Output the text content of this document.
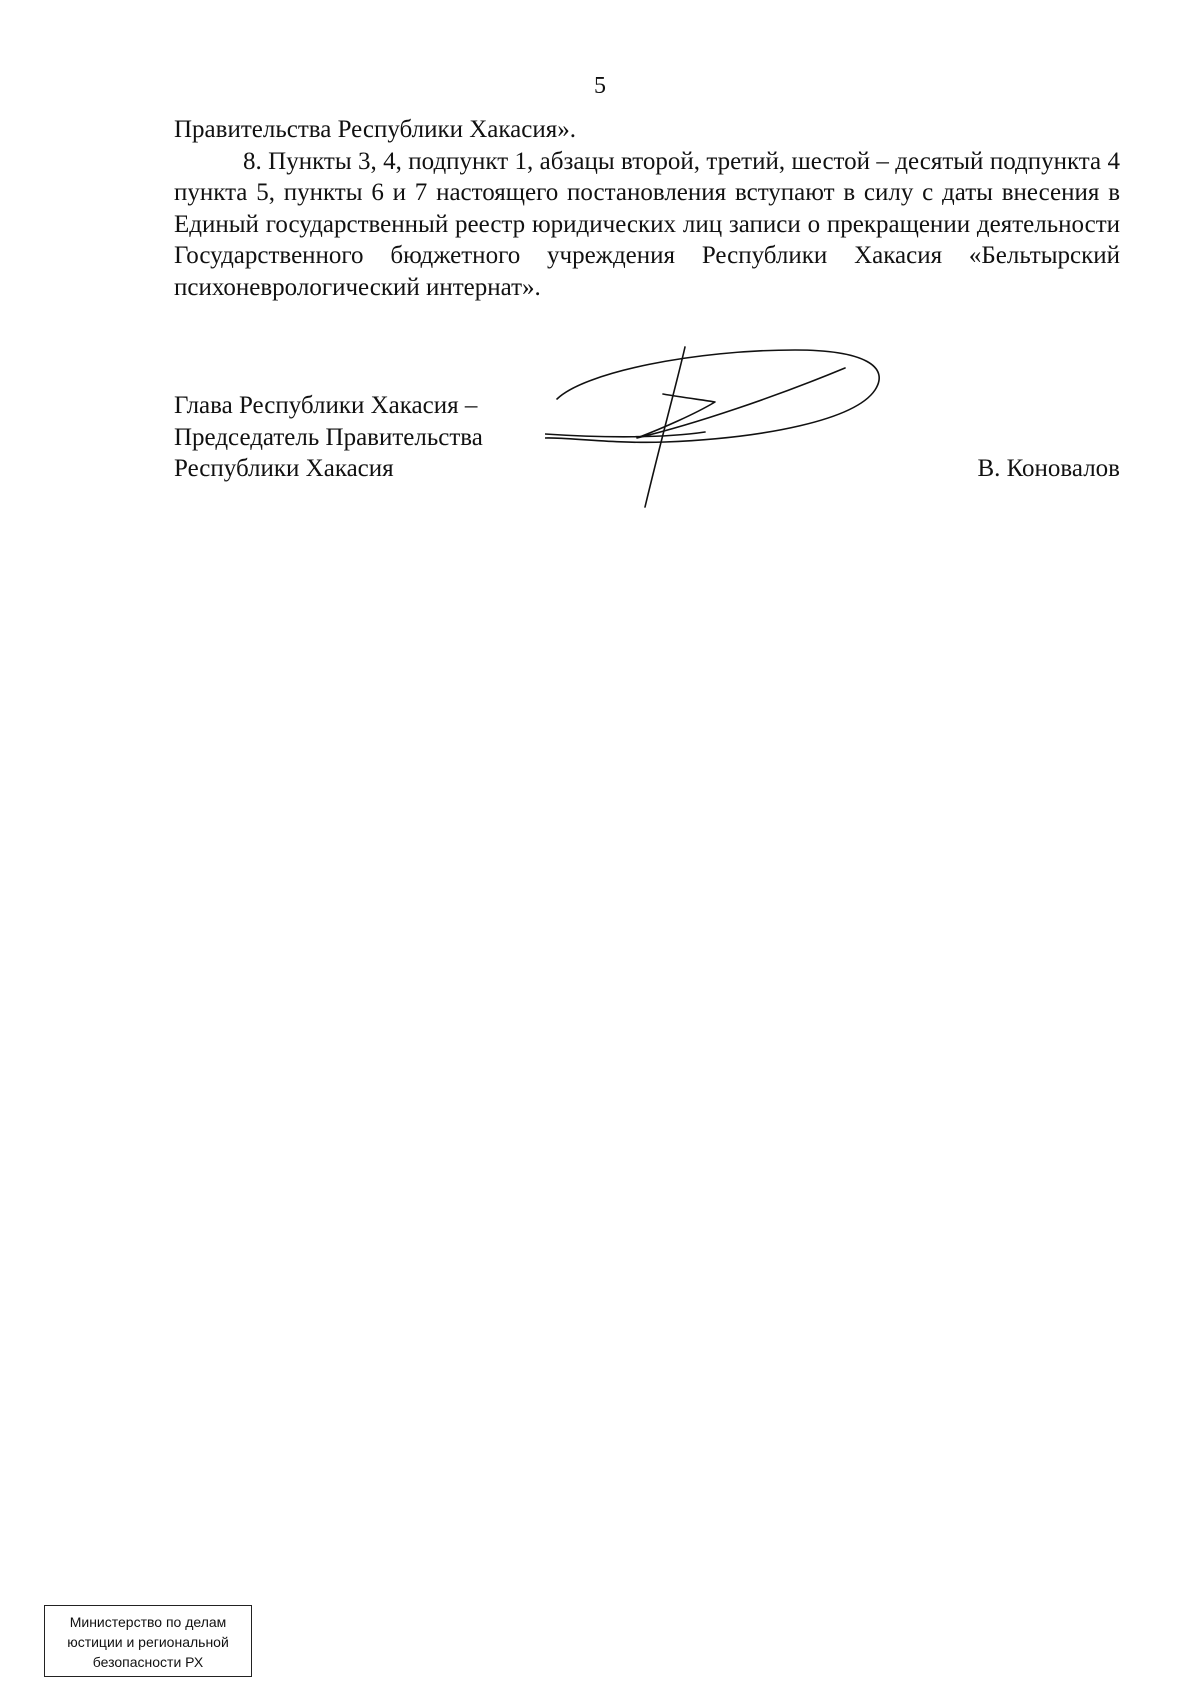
5

Правительства Республики Хакасия».

8. Пункты 3, 4, подпункт 1, абзацы второй, третий, шестой – десятый подпункта 4 пункта 5, пункты 6 и 7 настоящего постановления вступают в силу с даты внесения в Единый государственный реестр юридических лиц записи о прекращении деятельности Государственного бюджетного учреждения Республики Хакасия «Бельтырский психоневрологический интернат».

Глава Республики Хакасия –
Председатель Правительства
Республики Хакасия	В. Коновалов
Министерство по делам
юстиции и региональной
безопасности РХ
